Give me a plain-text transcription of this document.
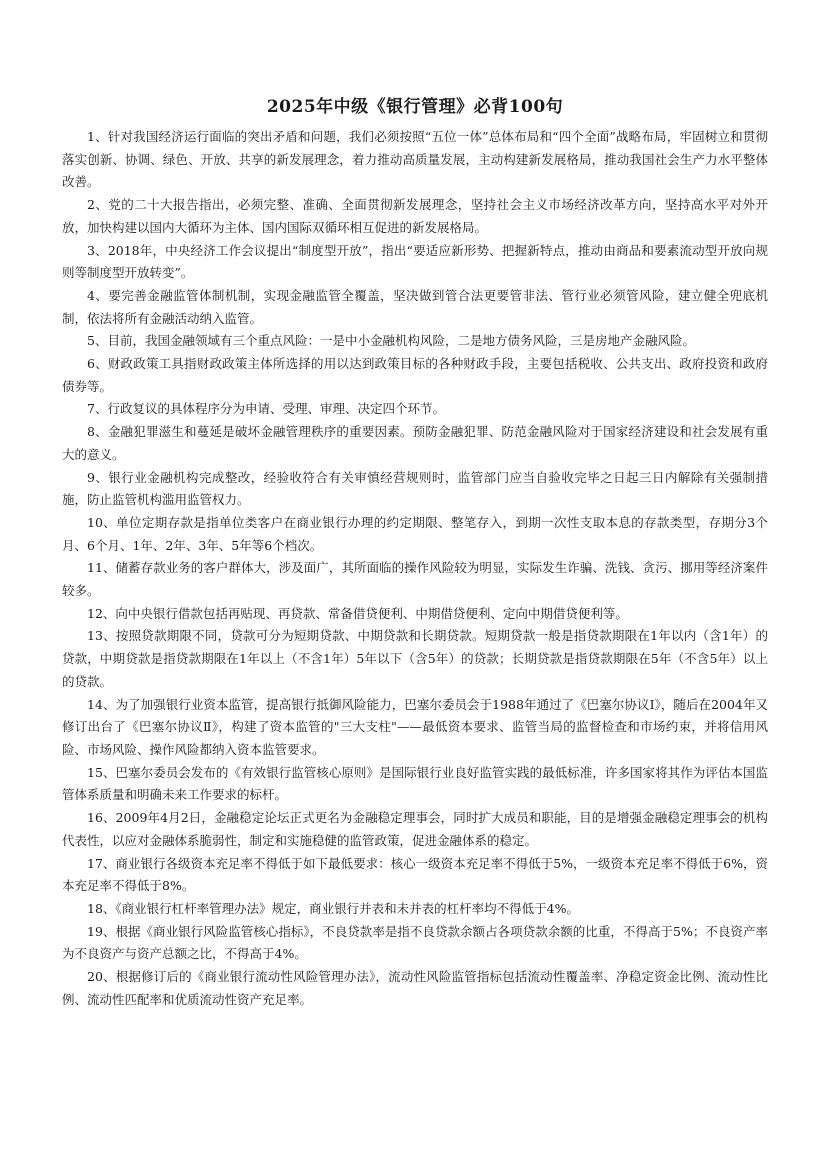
2025年中级《银行管理》必背100句

1、针对我国经济运行面临的突出矛盾和问题，我们必须按照“五位一体”总体布局和“四个全面”战略布局，牢固树立和贯彻落实创新、协调、绿色、开放、共享的新发展理念，着力推动高质量发展，主动构建新发展格局，推动我国社会生产力水平整体改善。

2、党的二十大报告指出，必须完整、准确、全面贯彻新发展理念，坚持社会主义市场经济改革方向，坚持高水平对外开放，加快构建以国内大循环为主体、国内国际双循环相互促进的新发展格局。

3、2018年，中央经济工作会议提出“制度型开放”，指出“要适应新形势、把握新特点，推动由商品和要素流动型开放向规则等制度型开放转变”。

4、要完善金融监管体制机制，实现金融监管全覆盖，坚决做到管合法更要管非法、管行业必须管风险，建立健全兜底机制，依法将所有金融活动纳入监管。

5、目前，我国金融领域有三个重点风险：一是中小金融机构风险，二是地方债务风险，三是房地产金融风险。

6、财政政策工具指财政政策主体所选择的用以达到政策目标的各种财政手段，主要包括税收、公共支出、政府投资和政府债券等。

7、行政复议的具体程序分为申请、受理、审理、决定四个环节。

8、金融犯罪滋生和蔓延是破坏金融管理秩序的重要因素。预防金融犯罪、防范金融风险对于国家经济建设和社会发展有重大的意义。

9、银行业金融机构完成整改，经验收符合有关审慎经营规则时，监管部门应当自验收完毕之日起三日内解除有关强制措施，防止监管机构滥用监管权力。

10、单位定期存款是指单位类客户在商业银行办理的约定期限、整笔存入，到期一次性支取本息的存款类型，存期分3个月、6个月、1年、2年、3年、5年等6个档次。

11、储蓄存款业务的客户群体大，涉及面广，其所面临的操作风险较为明显，实际发生诈骗、洗钱、贪污、挪用等经济案件较多。

12、向中央银行借款包括再贴现、再贷款、常备借贷便利、中期借贷便利、定向中期借贷便利等。

13、按照贷款期限不同，贷款可分为短期贷款、中期贷款和长期贷款。短期贷款一般是指贷款期限在1年以内（含1年）的贷款，中期贷款是指贷款期限在1年以上（不含1年）5年以下（含5年）的贷款；长期贷款是指贷款期限在5年（不含5年）以上的贷款。

14、为了加强银行业资本监管，提高银行抵御风险能力，巴塞尔委员会于1988年通过了《巴塞尔协议Ⅰ》，随后在2004年又修订出台了《巴塞尔协议Ⅱ》，构建了资本监管的"三大支柱"——最低资本要求、监管当局的监督检查和市场约束，并将信用风险、市场风险、操作风险都纳入资本监管要求。

15、巴塞尔委员会发布的《有效银行监管核心原则》是国际银行业良好监管实践的最低标准，许多国家将其作为评估本国监管体系质量和明确未来工作要求的标杆。

16、2009年4月2日，金融稳定论坛正式更名为金融稳定理事会，同时扩大成员和职能，目的是增强金融稳定理事会的机构代表性，以应对金融体系脆弱性，制定和实施稳健的监管政策，促进金融体系的稳定。

17、商业银行各级资本充足率不得低于如下最低要求：核心一级资本充足率不得低于5%，一级资本充足率不得低于6%，资本充足率不得低于8%。

18、《商业银行杠杆率管理办法》规定，商业银行并表和未并表的杠杆率均不得低于4%。

19、根据《商业银行风险监管核心指标》，不良贷款率是指不良贷款余额占各项贷款余额的比重，不得高于5%；不良资产率为不良资产与资产总额之比，不得高于4%。

20、根据修订后的《商业银行流动性风险管理办法》，流动性风险监管指标包括流动性覆盖率、净稳定资金比例、流动性比例、流动性匹配率和优质流动性资产充足率。
